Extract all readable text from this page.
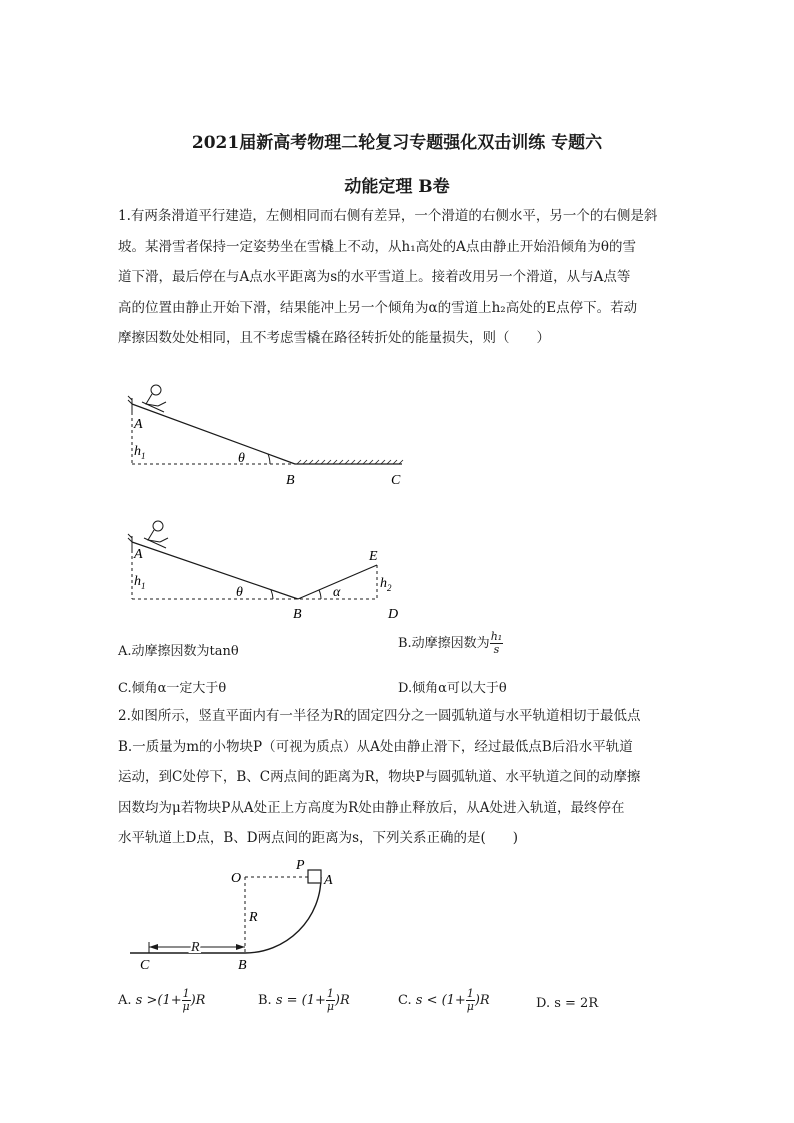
2021届新高考物理二轮复习专题强化双击训练 专题六
动能定理 B卷
1.有两条滑道平行建造，左侧相同而右侧有差异，一个滑道的右侧水平，另一个的右侧是斜
坡。某滑雪者保持一定姿势坐在雪橇上不动，从h₁高处的A点由静止开始沿倾角为θ的雪
道下滑，最后停在与A点水平距离为s的水平雪道上。接着改用另一个滑道，从与A点等
高的位置由静止开始下滑，结果能冲上另一个倾角为α的雪道上h₂高处的E点停下。若动
摩擦因数处处相同，且不考虑雪橇在路径转折处的能量损失，则（　　）
A
$h_1$	θ
B	C
A
$h_1$	θ
B
α
E
$h_2$
D
A.动摩擦因数为tanθ
B.动摩擦因数为 $\frac{\text{h₁}}{s}$
C.倾角α一定大于θ	D.倾角α可以大于θ
2.如图所示，竖直平面内有一半径为R的固定四分之一圆弧轨道与水平轨道相切于最低点
B.一质量为m的小物块P（可视为质点）从A处由静止滑下，经过最低点B后沿水平轨道
运动，到C处停下，B、C两点间的距离为R，物块P与圆弧轨道、水平轨道之间的动摩擦
因数均为μ若物块P从A处正上方高度为R处由静止释放后，从A处进入轨道，最终停在
水平轨道上D点，B、D两点间的距离为s，下列关系正确的是(　　)
O
P
A
R
R
C	B
A. $s >(1+ \frac{1}{\mu} )R$	B. $s = (1+ \frac{1}{\mu} )R$	C. $s < (1+ \frac{1}{\mu} )R$	D. s = 2R
